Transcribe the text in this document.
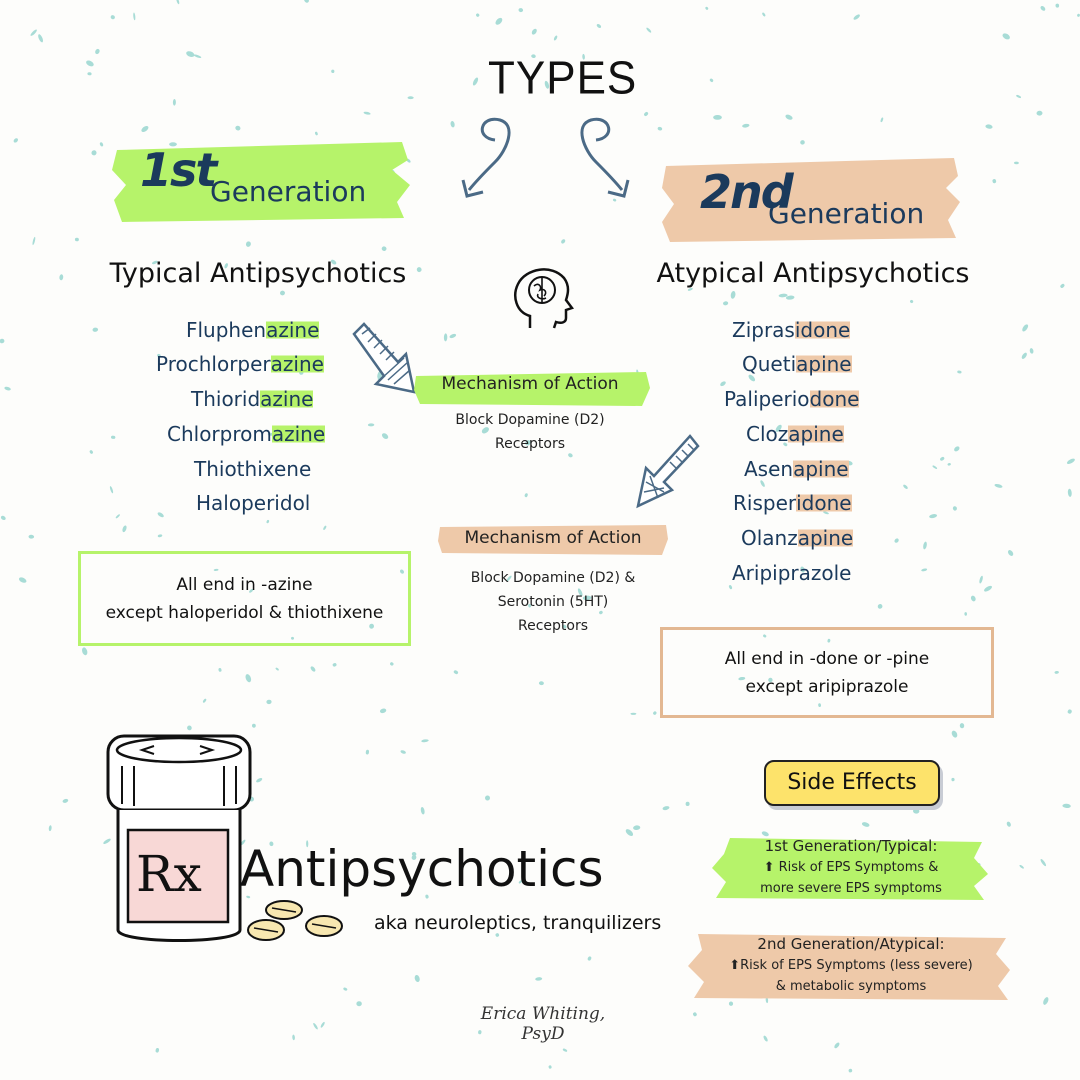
TYPES
1st
Generation	2nd
Generation
Typical Antipsychotics	Atypical Antipsychotics
Fluphenazine
Prochlorperazine
Thioridazine
Chlorpromazine
Thiothixene
Haloperidol
Ziprasidone
Quetiapine
Paliperiodone
Clozapine
Asenapine
Risperidone
Olanzapine
Aripiprazole
Mechanism of Action
Block Dopamine (D2)
Receptors
Mechanism of Action
Block Dopamine (D2) &
Serotonin (5HT)
Receptors
All end in -azine
except haloperidol & thiothixene
All end in -done or -pine
except aripiprazole
Rx Antipsychotics
aka neuroleptics, tranquilizers
Side Effects
1st Generation/Typical:
⬆ Risk of EPS Symptoms &
more severe EPS symptoms
2nd Generation/Atypical:
⬆Risk of EPS Symptoms (less severe)
& metabolic symptoms
Erica Whiting, PsyD
